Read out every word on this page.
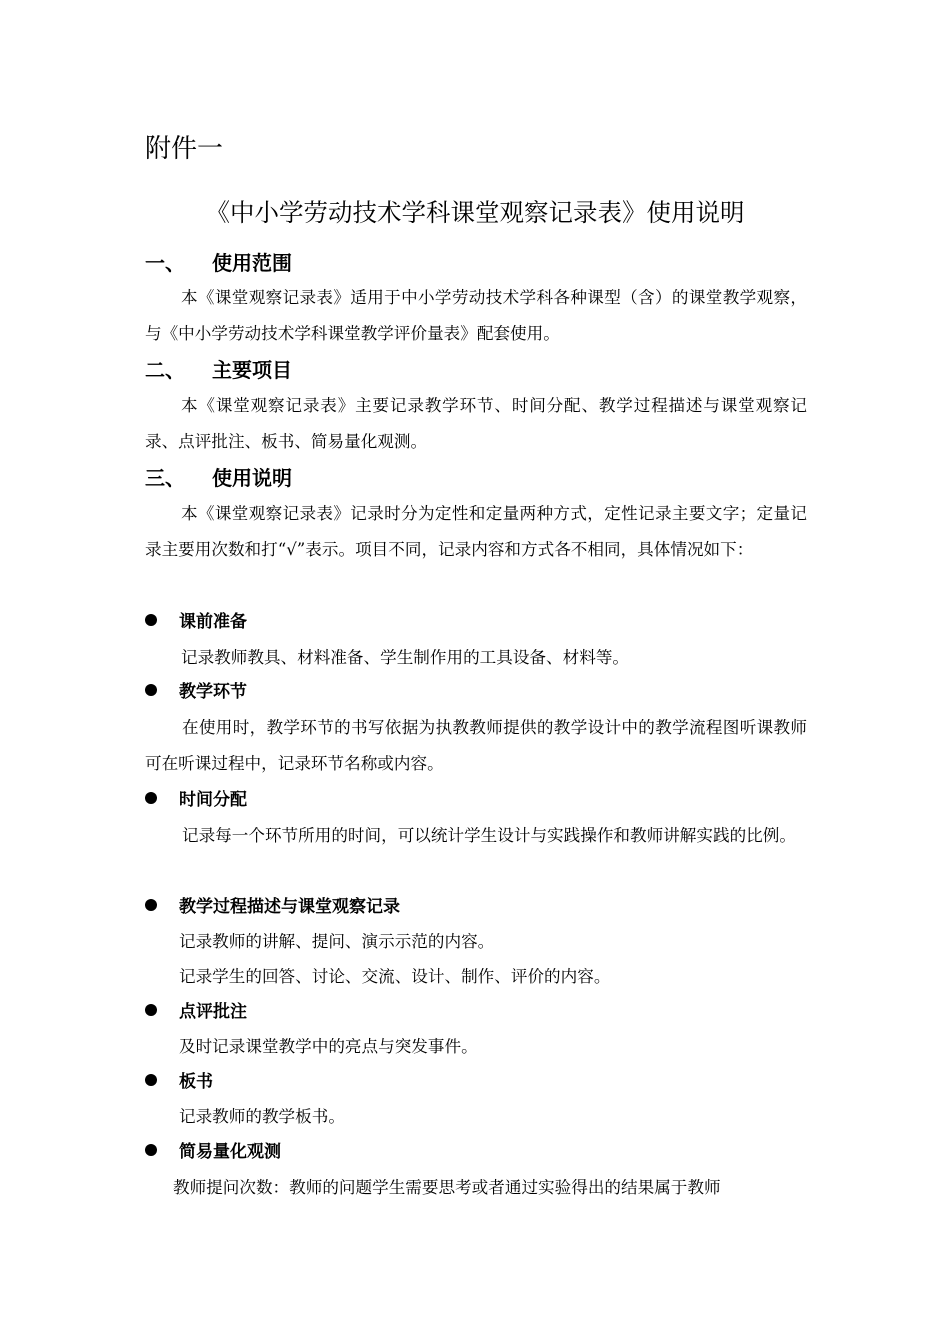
附件一
《中小学劳动技术学科课堂观察记录表》使用说明
一、 使用范围

本《课堂观察记录表》适用于中小学劳动技术学科各种课型（含）的课堂教学观察，与《中小学劳动技术学科课堂教学评价量表》配套使用。

二、 主要项目

本《课堂观察记录表》主要记录教学环节、时间分配、教学过程描述与课堂观察记录、点评批注、板书、简易量化观测。

三、 使用说明

本《课堂观察记录表》记录时分为定性和定量两种方式，定性记录主要文字；定量记录主要用次数和打“√”表示。项目不同，记录内容和方式各不相同，具体情况如下：

课前准备

记录教师教具、材料准备、学生制作用的工具设备、材料等。

教学环节

在使用时，教学环节的书写依据为执教教师提供的教学设计中的教学流程图听课教师可在听课过程中，记录环节名称或内容。

时间分配

记录每一个环节所用的时间，可以统计学生设计与实践操作和教师讲解实践的比例。

教学过程描述与课堂观察记录

记录教师的讲解、提问、演示示范的内容。

记录学生的回答、讨论、交流、设计、制作、评价的内容。

点评批注

及时记录课堂教学中的亮点与突发事件。

板书

记录教师的教学板书。

简易量化观测

教师提问次数：教师的问题学生需要思考或者通过实验得出的结果属于教师
